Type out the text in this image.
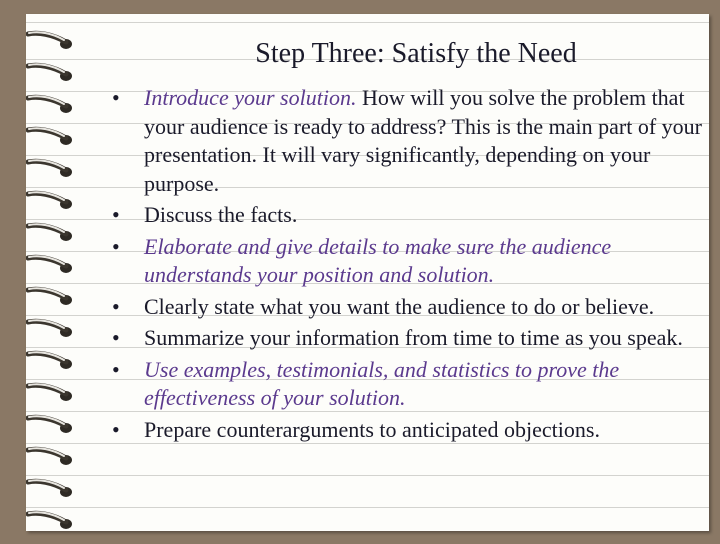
Step Three: Satisfy the Need
• Introduce your solution. How will you solve the problem that your audience is ready to address? This is the main part of your presentation. It will vary significantly, depending on your purpose.
• Discuss the facts.
• Elaborate and give details to make sure the audience understands your position and solution.
• Clearly state what you want the audience to do or believe.
• Summarize your information from time to time as you speak.
• Use examples, testimonials, and statistics to prove the effectiveness of your solution.
• Prepare counterarguments to anticipated objections.
